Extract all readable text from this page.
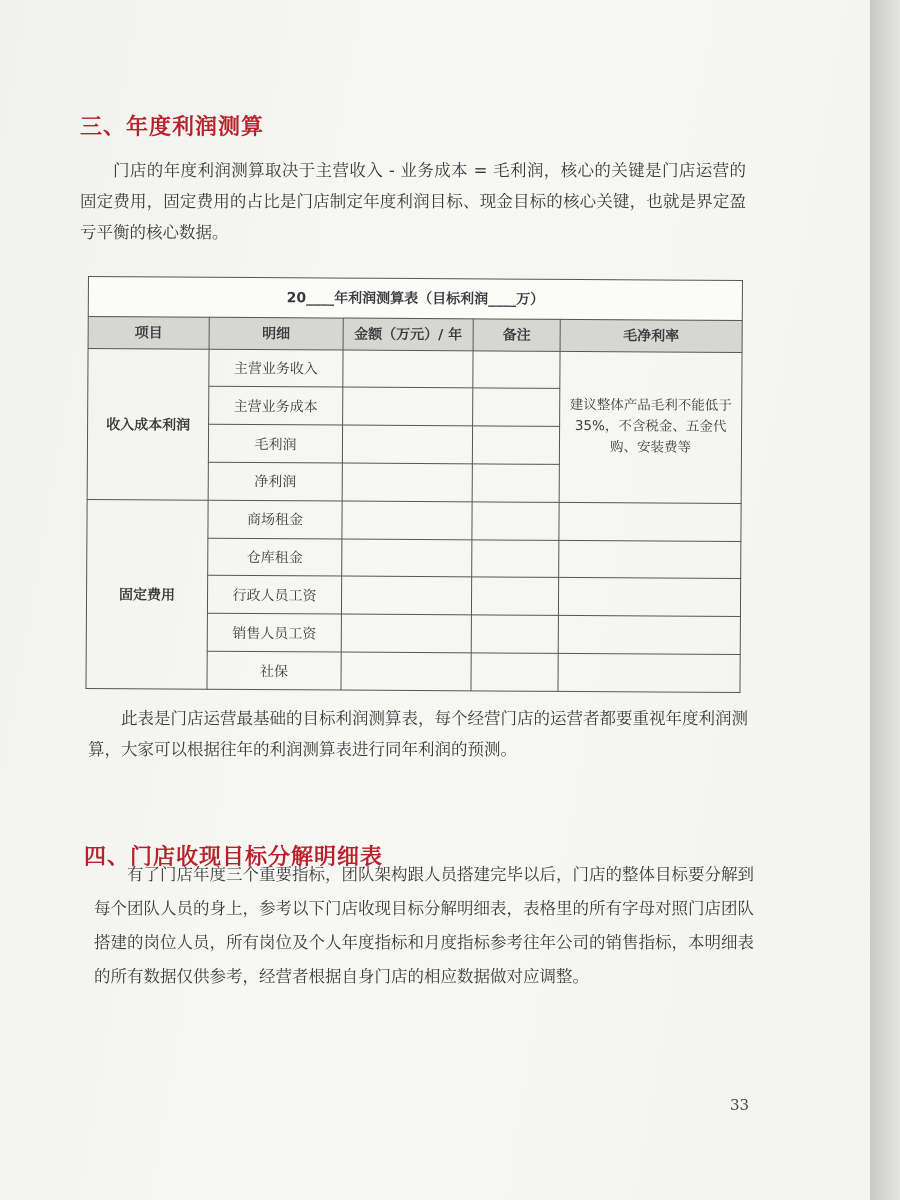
三、年度利润测算

门店的年度利润测算取决于主营收入 - 业务成本 = 毛利润，核心的关键是门店运营的固定费用，固定费用的占比是门店制定年度利润目标、现金目标的核心关键，也就是界定盈亏平衡的核心数据。

20____年利润测算表（目标利润____万）				
项目	明细	金额（万元）/ 年	备注	毛净利率
收入成本利润	主营业务收入			建议整体产品毛利不能低于35%，不含税金、五金代购、安装费等
	主营业务成本			
	毛利润			
	净利润			
固定费用	商场租金			
	仓库租金			
	行政人员工资			
	销售人员工资			
	社保			

此表是门店运营最基础的目标利润测算表，每个经营门店的运营者都要重视年度利润测算，大家可以根据往年的利润测算表进行同年利润的预测。

四、门店收现目标分解明细表

有了门店年度三个重要指标，团队架构跟人员搭建完毕以后，门店的整体目标要分解到每个团队人员的身上，参考以下门店收现目标分解明细表，表格里的所有字母对照门店团队搭建的岗位人员，所有岗位及个人年度指标和月度指标参考往年公司的销售指标，本明细表的所有数据仅供参考，经营者根据自身门店的相应数据做对应调整。

33
